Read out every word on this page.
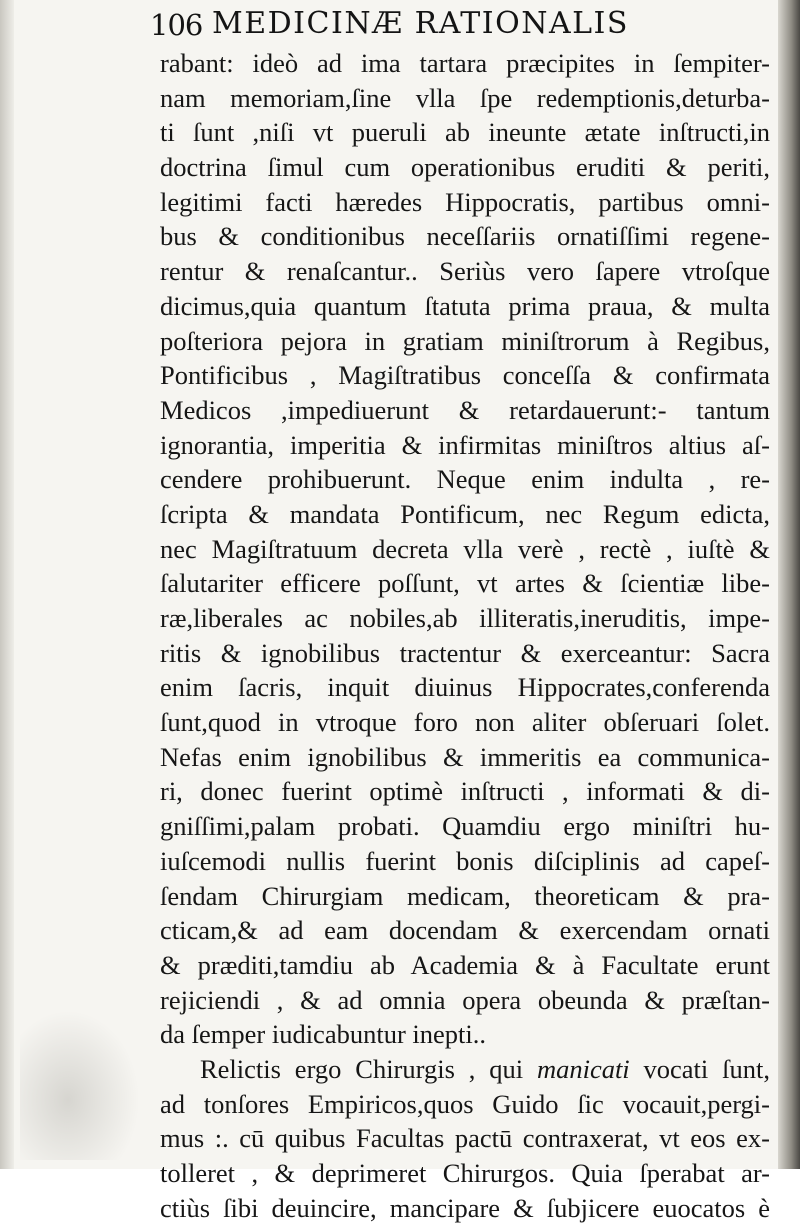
106 MEDICINÆ RATIONALIS
rabant: ideò ad ima tartara præcipites in ſempiter-
nam memoriam,ſine vlla ſpe redemptionis,deturba-
ti ſunt ,niſi vt pueruli ab ineunte ætate inſtructi,in
doctrina ſimul cum operationibus eruditi & periti,
legitimi facti hæredes Hippocratis, partibus omni-
bus & conditionibus neceſſariis ornatiſſimi regene-
rentur & renaſcantur.. Seriùs vero ſapere vtroſque
dicimus,quia quantum ſtatuta prima praua, & multa
poſteriora pejora in gratiam miniſtrorum à Regibus,
Pontificibus , Magiſtratibus conceſſa & confirmata
Medicos ,impediuerunt & retardauerunt:- tantum
ignorantia, imperitia & infirmitas miniſtros altius aſ-
cendere prohibuerunt. Neque enim indulta , re-
ſcripta & mandata Pontificum, nec Regum edicta,
nec Magiſtratuum decreta vlla verè , rectè , iuſtè &
ſalutariter efficere poſſunt, vt artes & ſcientiæ libe-
ræ,liberales ac nobiles,ab illiteratis,ineruditis, impe-
ritis & ignobilibus tractentur & exerceantur: Sacra
enim ſacris, inquit diuinus Hippocrates,conferenda
ſunt,quod in vtroque foro non aliter obſeruari ſolet.
Nefas enim ignobilibus & immeritis ea communica-
ri, donec fuerint optimè inſtructi , informati & di-
gniſſimi,palam probati. Quamdiu ergo miniſtri hu-
iuſcemodi nullis fuerint bonis diſciplinis ad capeſ-
ſendam Chirurgiam medicam, theoreticam & pra-
cticam,& ad eam docendam & exercendam ornati
& præditi,tamdiu ab Academia & à Facultate erunt
rejiciendi , & ad omnia opera obeunda & præſtan-
da ſemper iudicabuntur inepti..
Relictis ergo Chirurgis , qui manicati vocati ſunt,
ad tonſores Empiricos,quos Guido ſic vocauit,pergi-
mus :. cū quibus Facultas pactū contraxerat, vt eos ex-
tolleret , & deprimeret Chirurgos. Quia ſperabat ar-
ctiùs ſibi deuincire, mancipare & ſubjicere euocatos è
